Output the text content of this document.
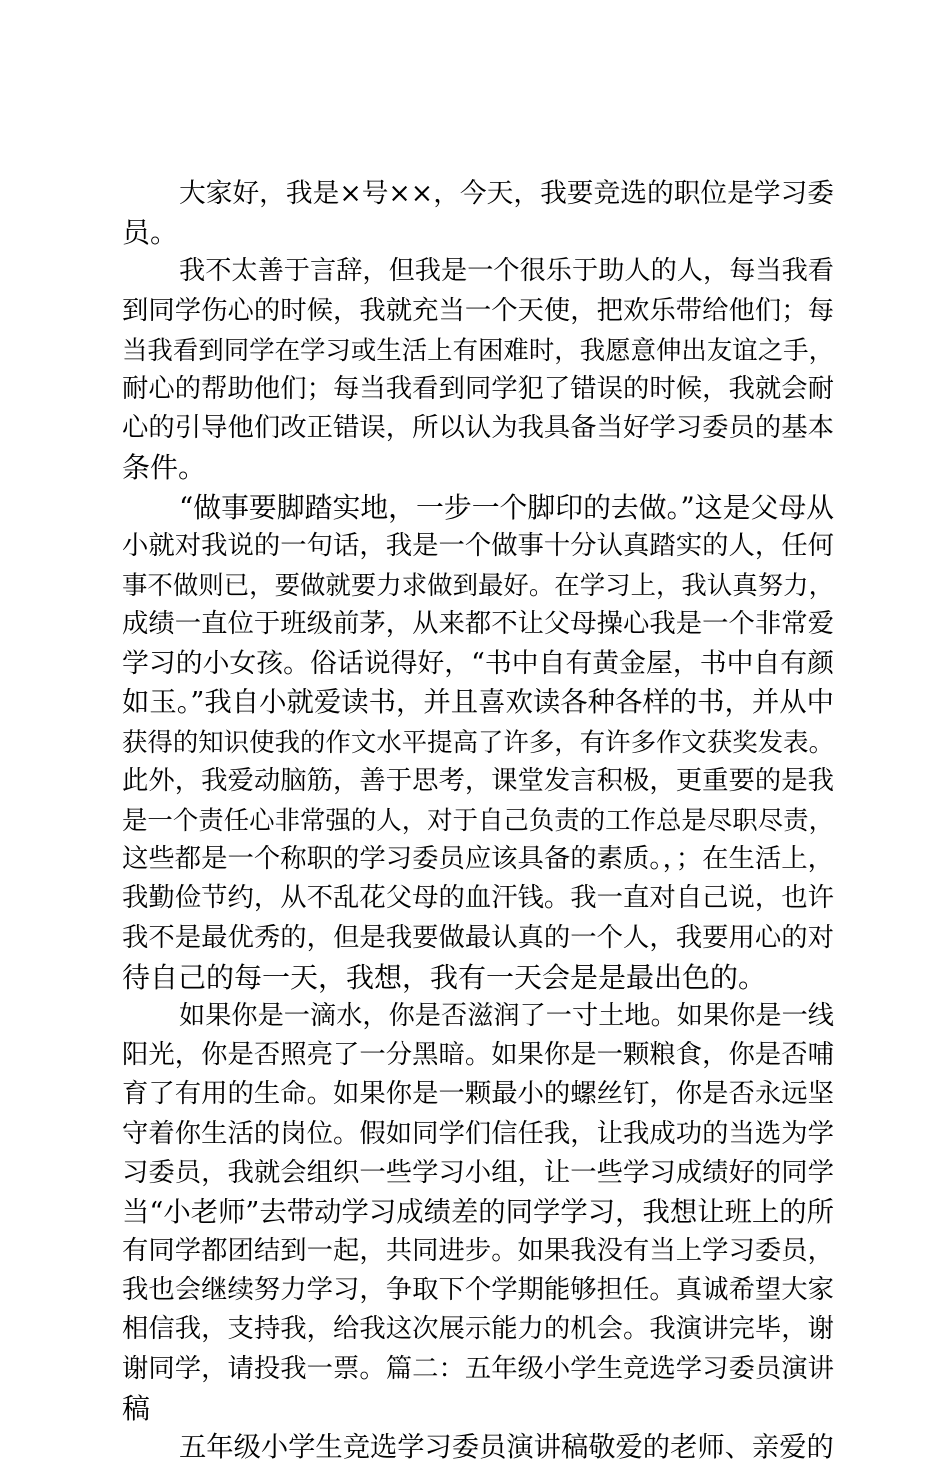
大家好，我是×号××，今天，我要竞选的职位是学习委
员。
我不太善于言辞，但我是一个很乐于助人的人，每当我看
到同学伤心的时候，我就充当一个天使，把欢乐带给他们；每
当我看到同学在学习或生活上有困难时，我愿意伸出友谊之手，
耐心的帮助他们；每当我看到同学犯了错误的时候，我就会耐
心的引导他们改正错误，所以认为我具备当好学习委员的基本
条件。
“做事要脚踏实地，一步一个脚印的去做。”这是父母从
小就对我说的一句话，我是一个做事十分认真踏实的人，任何
事不做则已，要做就要力求做到最好。在学习上，我认真努力，
成绩一直位于班级前茅，从来都不让父母操心我是一个非常爱
学习的小女孩。俗话说得好，“书中自有黄金屋，书中自有颜
如玉。”我自小就爱读书，并且喜欢读各种各样的书，并从中
获得的知识使我的作文水平提高了许多，有许多作文获奖发表。
此外，我爱动脑筋，善于思考，课堂发言积极，更重要的是我
是一个责任心非常强的人，对于自己负责的工作总是尽职尽责，
这些都是一个称职的学习委员应该具备的素质。，；在生活上，
我勤俭节约，从不乱花父母的血汗钱。我一直对自己说，也许
我不是最优秀的，但是我要做最认真的一个人，我要用心的对
待自己的每一天，我想，我有一天会是是最出色的。
如果你是一滴水，你是否滋润了一寸土地。如果你是一线
阳光，你是否照亮了一分黑暗。如果你是一颗粮食，你是否哺
育了有用的生命。如果你是一颗最小的螺丝钉，你是否永远坚
守着你生活的岗位。假如同学们信任我，让我成功的当选为学
习委员，我就会组织一些学习小组，让一些学习成绩好的同学
当“小老师”去带动学习成绩差的同学学习，我想让班上的所
有同学都团结到一起，共同进步。如果我没有当上学习委员，
我也会继续努力学习，争取下个学期能够担任。真诚希望大家
相信我，支持我，给我这次展示能力的机会。我演讲完毕，谢
谢同学，请投我一票。篇二：五年级小学生竞选学习委员演讲
稿
五年级小学生竞选学习委员演讲稿敬爱的老师、亲爱的
